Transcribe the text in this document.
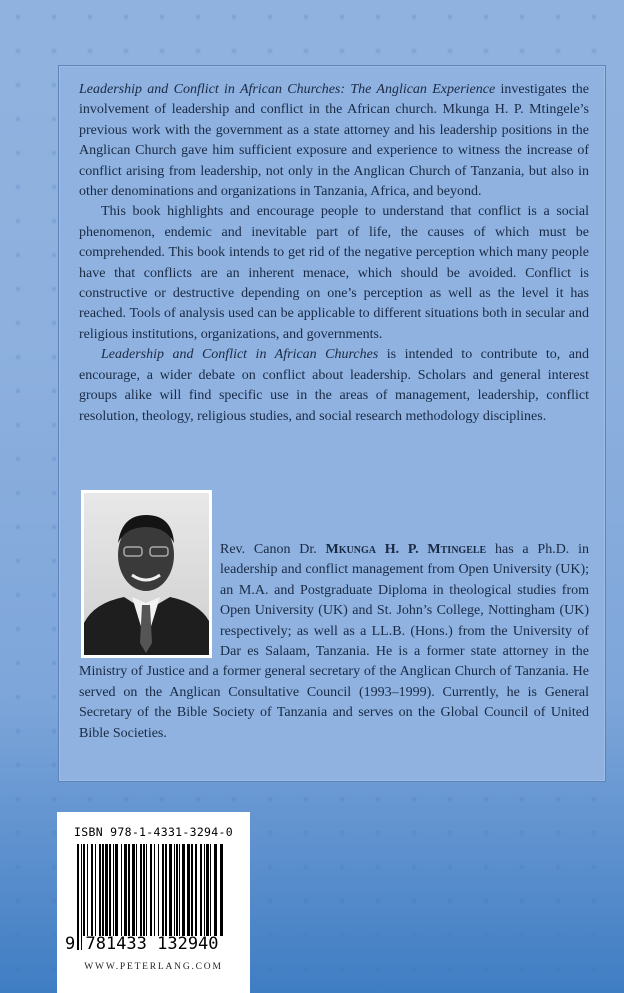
Leadership and Conflict in African Churches: The Anglican Experience investigates the involvement of leadership and conflict in the African church. Mkunga H. P. Mtingele’s previous work with the government as a state attorney and his leadership positions in the Anglican Church gave him sufficient exposure and experience to witness the increase of conflict arising from leadership, not only in the Anglican Church of Tanzania, but also in other denominations and organizations in Tanzania, Africa, and beyond.

This book highlights and encourage people to understand that conflict is a social phenomenon, endemic and inevitable part of life, the causes of which must be comprehended. This book intends to get rid of the negative perception which many people have that conflicts are an inherent menace, which should be avoided. Conflict is constructive or destructive depending on one’s perception as well as the level it has reached. Tools of analysis used can be applicable to different situations both in secular and religious institutions, organizations, and governments.

Leadership and Conflict in African Churches is intended to contribute to, and encourage, a wider debate on conflict about leadership. Scholars and general interest groups alike will find specific use in the areas of management, leadership, conflict resolution, theology, religious studies, and social research methodology disciplines.

Rev. Canon Dr. Mkunga H. P. Mtingele has a Ph.D. in leadership and conflict management from Open University (UK); an M.A. and Postgraduate Diploma in theological studies from Open University (UK) and St. John’s College, Nottingham (UK) respectively; as well as a LL.B. (Hons.) from the University of Dar es Salaam, Tanzania. He is a former state attorney in the Ministry of Justice and a former general secretary of the Anglican Church of Tanzania. He served on the Anglican Consultative Council (1993–1999). Currently, he is General Secretary of the Bible Society of Tanzania and serves on the Global Council of United Bible Societies.
ISBN 978-1-4331-3294-0
9 781433 132940
WWW.PETERLANG.COM
